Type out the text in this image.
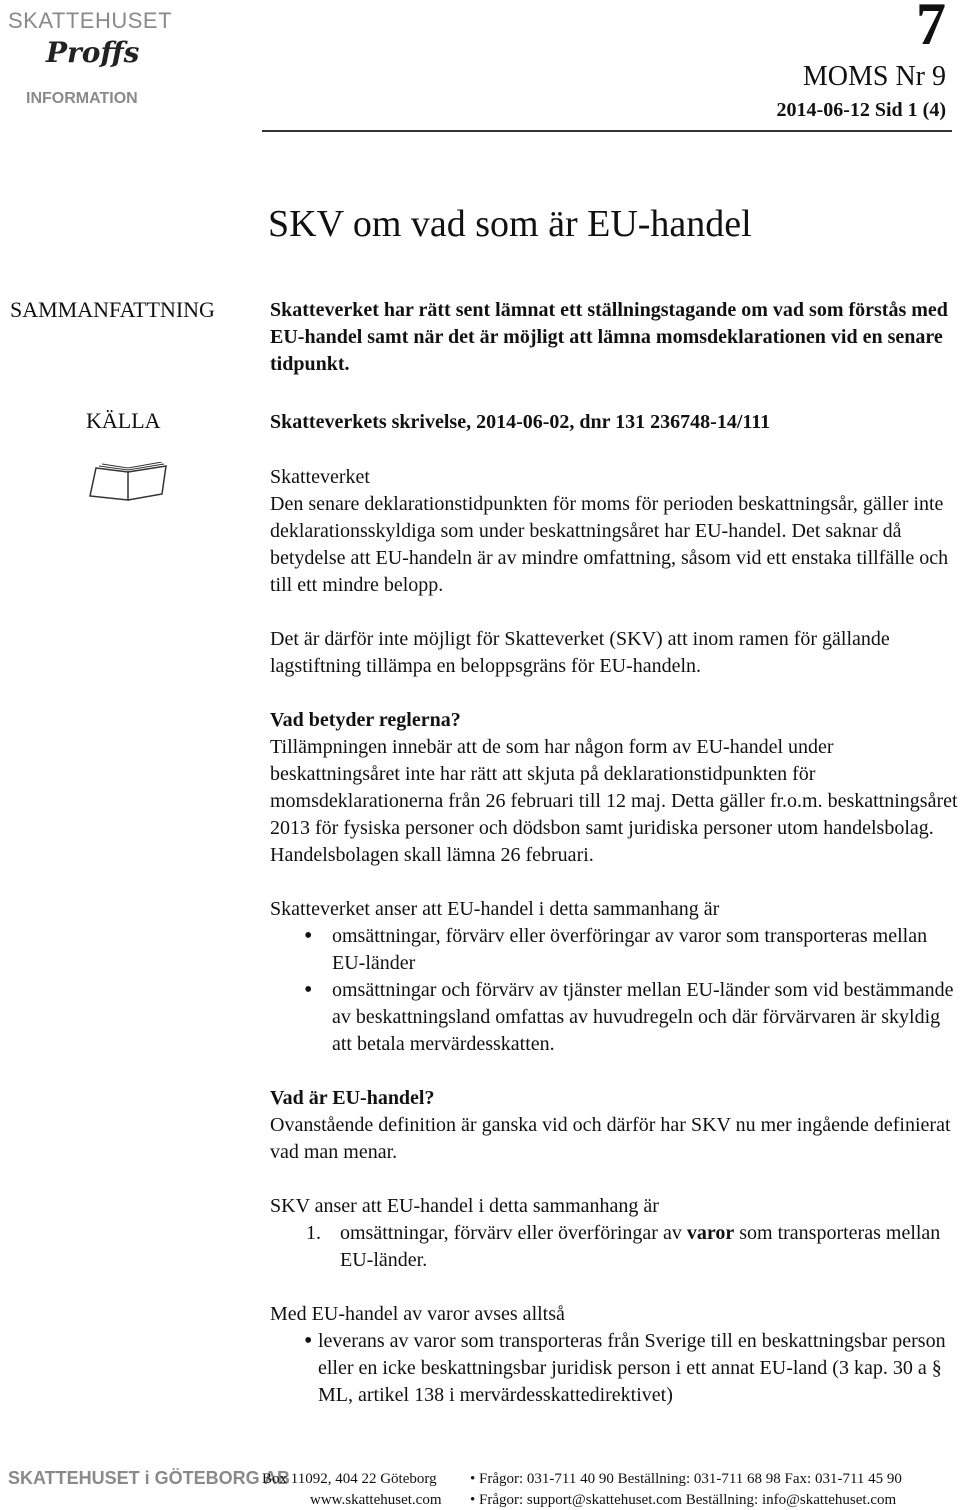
SKATTEHUSET
Proffs
INFORMATION
7
MOMS Nr 9
2014-06-12 Sid 1 (4)
SKV om vad som är EU-handel
SAMMANFATTNING	Skatteverket har rätt sent lämnat ett ställningstagande om vad som förstås med EU-handel samt när det är möjligt att lämna momsdeklarationen vid en senare tidpunkt.
KÄLLA	Skatteverkets skrivelse, 2014-06-02, dnr 131 236748-14/111

Skatteverket

Den senare deklarationstidpunkten för moms för perioden beskattningsår, gäller inte deklarationsskyldiga som under beskattningsåret har EU-handel. Det saknar då betydelse att EU-handeln är av mindre omfattning, såsom vid ett enstaka tillfälle och till ett mindre belopp.

Det är därför inte möjligt för Skatteverket (SKV) att inom ramen för gällande lagstiftning tillämpa en beloppsgräns för EU-handeln.

Vad betyder reglerna?

Tillämpningen innebär att de som har någon form av EU-handel under beskattningsåret inte har rätt att skjuta på deklarationstidpunkten för momsdeklarationerna från 26 februari till 12 maj. Detta gäller fr.o.m. beskattningsåret 2013 för fysiska personer och dödsbon samt juridiska personer utom handelsbolag. Handelsbolagen skall lämna 26 februari.

Skatteverket anser att EU-handel i detta sammanhang är

• omsättningar, förvärv eller överföringar av varor som transporteras mellan EU-länder
• omsättningar och förvärv av tjänster mellan EU-länder som vid bestämmande av beskattningsland omfattas av huvudregeln och där förvärvaren är skyldig att betala mervärdesskatten.

Vad är EU-handel?

Ovanstående definition är ganska vid och därför har SKV nu mer ingående definierat vad man menar.

SKV anser att EU-handel i detta sammanhang är

1. omsättningar, förvärv eller överföringar av varor som transporteras mellan EU-länder.

Med EU-handel av varor avses alltså

• leverans av varor som transporteras från Sverige till en beskattningsbar person eller en icke beskattningsbar juridisk person i ett annat EU-land (3 kap. 30 a § ML, artikel 138 i mervärdesskattedirektivet)
SKATTEHUSET i GÖTEBORG AB
Box 11092, 404 22 Göteborg
www.skattehuset.com
• Frågor: 031-711 40 90 Beställning: 031-711 68 98 Fax: 031-711 45 90
• Frågor: support@skattehuset.com Beställning: info@skattehuset.com
